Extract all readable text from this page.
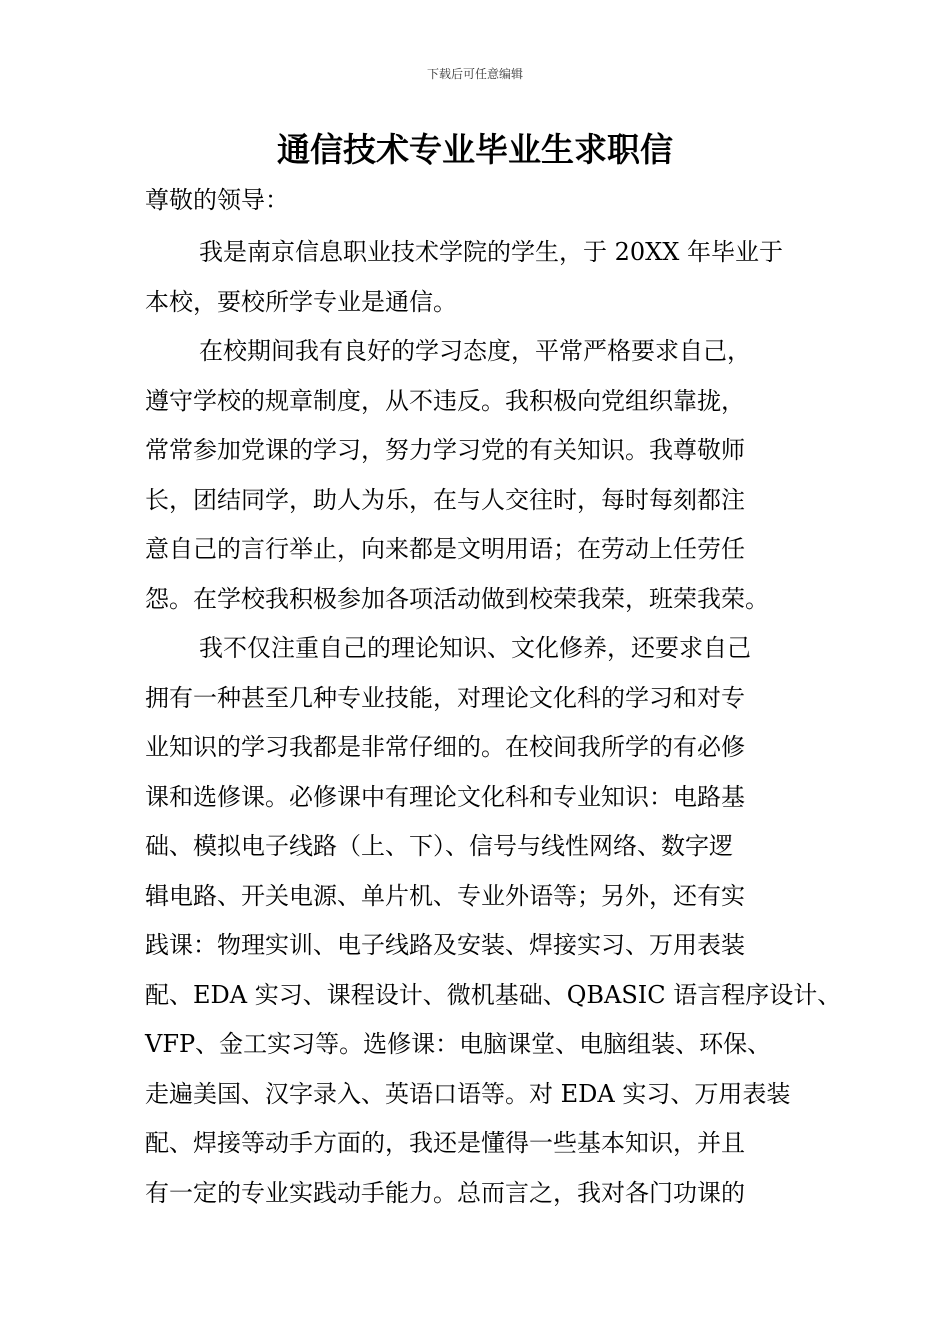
下载后可任意编辑
通信技术专业毕业生求职信

尊敬的领导：

我是南京信息职业技术学院的学生，于 20XX 年毕业于
本校，要校所学专业是通信。
在校期间我有良好的学习态度，平常严格要求自己，
遵守学校的规章制度，从不违反。我积极向党组织靠拢，
常常参加党课的学习，努力学习党的有关知识。我尊敬师
长，团结同学，助人为乐，在与人交往时，每时每刻都注
意自己的言行举止，向来都是文明用语；在劳动上任劳任
怨。在学校我积极参加各项活动做到校荣我荣，班荣我荣。
我不仅注重自己的理论知识、文化修养，还要求自己
拥有一种甚至几种专业技能，对理论文化科的学习和对专
业知识的学习我都是非常仔细的。在校间我所学的有必修
课和选修课。必修课中有理论文化科和专业知识：电路基
础、模拟电子线路（上、下）、信号与线性网络、数字逻
辑电路、开关电源、单片机、专业外语等；另外，还有实
践课：物理实训、电子线路及安装、焊接实习、万用表装
配、EDA 实习、课程设计、微机基础、QBASIC 语言程序设计、
VFP、金工实习等。选修课：电脑课堂、电脑组装、环保、
走遍美国、汉字录入、英语口语等。对 EDA 实习、万用表装
配、焊接等动手方面的，我还是懂得一些基本知识，并且
有一定的专业实践动手能力。总而言之，我对各门功课的
